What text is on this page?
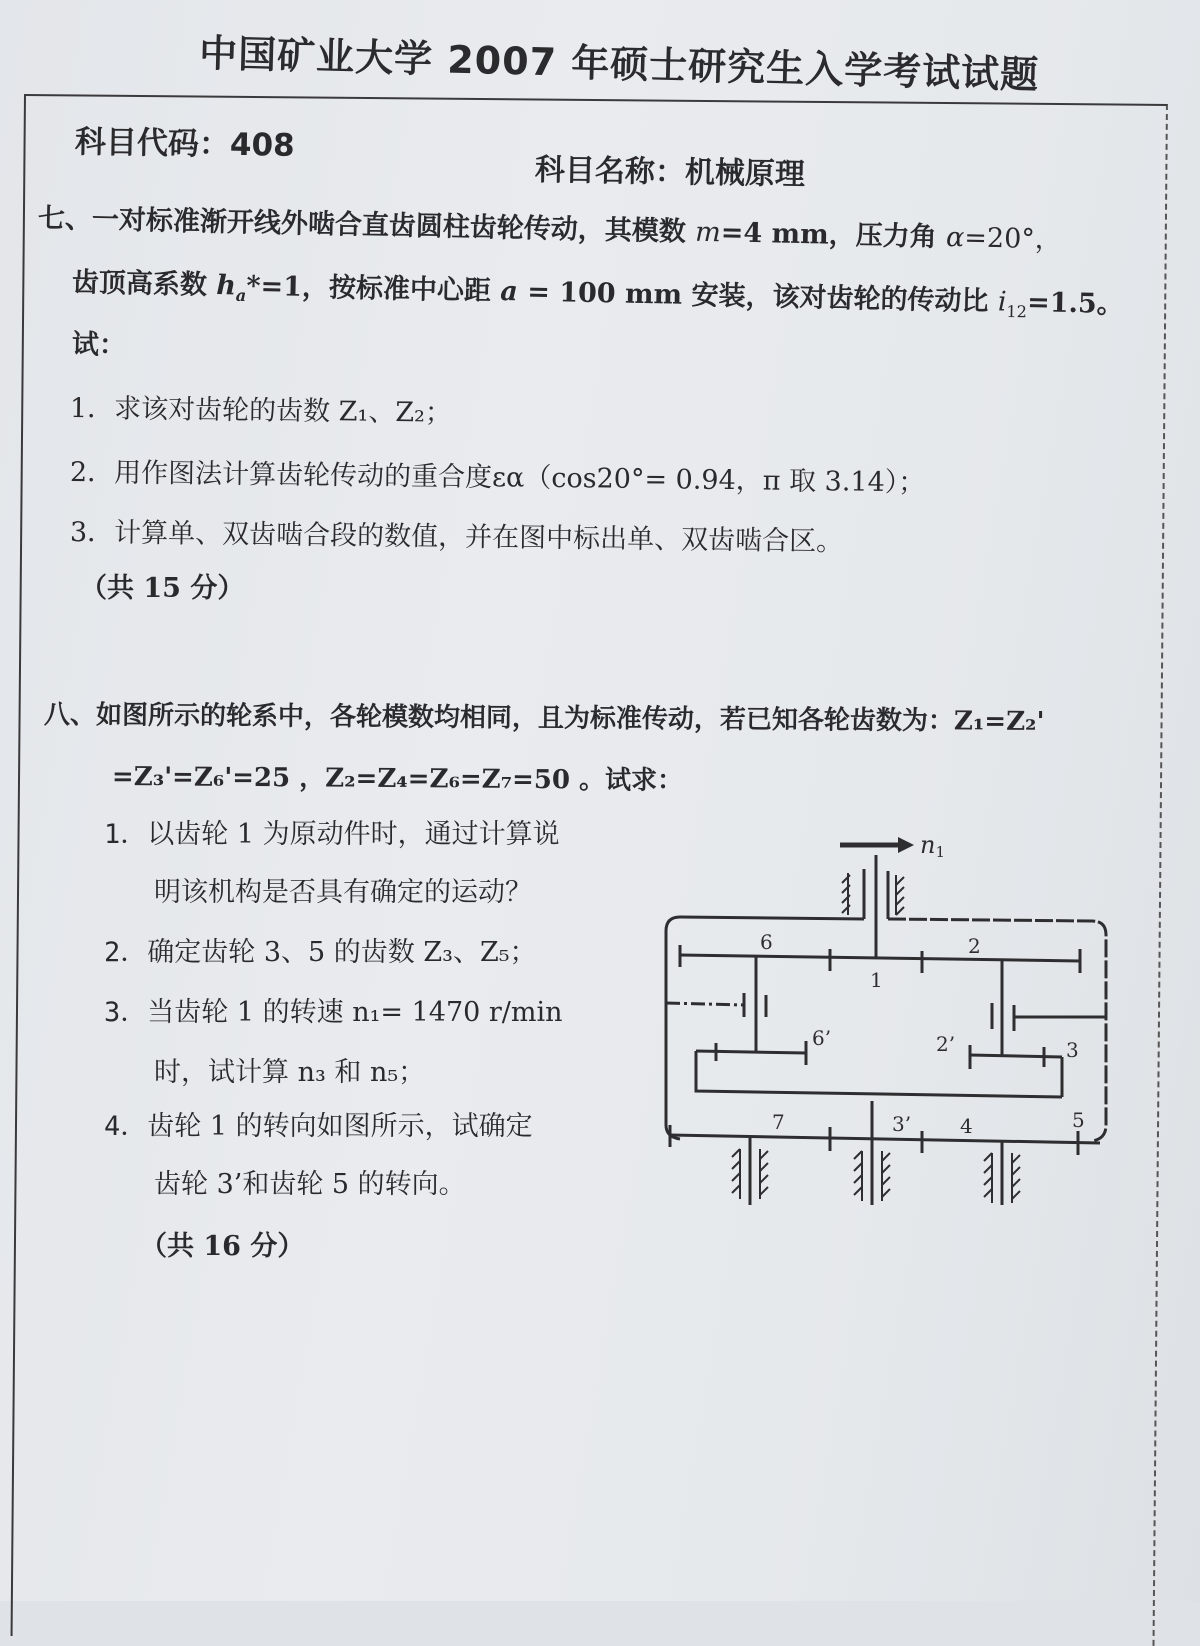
中国矿业大学 2007 年硕士研究生入学考试试题
科目代码：408
科目名称：机械原理
七、一对标准渐开线外啮合直齿圆柱齿轮传动，其模数 m=4 mm，压力角 α=20°，
齿顶高系数 $h_a*=1$，按标准中心距 a = 100 mm 安装，该对齿轮的传动比 $i_{12}=1.5$。
试：
1．求该对齿轮的齿数 Z₁、Z₂；
2．用作图法计算齿轮传动的重合度εα（cos20°= 0.94，π 取 3.14）；
3．计算单、双齿啮合段的数值，并在图中标出单、双齿啮合区。
（共 15 分）
八、如图所示的轮系中，各轮模数均相同，且为标准传动，若已知各轮齿数为：Z₁=Z₂'
=Z₃'=Z₆'=25 ，Z₂=Z₄=Z₆=Z₇=50 。试求：
1．以齿轮 1 为原动件时，通过计算说
明该机构是否具有确定的运动？
2．确定齿轮 3、5 的齿数 Z₃、Z₅；
3．当齿轮 1 的转速 n₁= 1470 r/min
时，试计算 n₃ 和 n₅；
4．齿轮 1 的转向如图所示，试确定
齿轮 3’和齿轮 5 的转向。
（共 16 分）
n1
6
1
2
6’	2’	3
7	3’ 4	5
